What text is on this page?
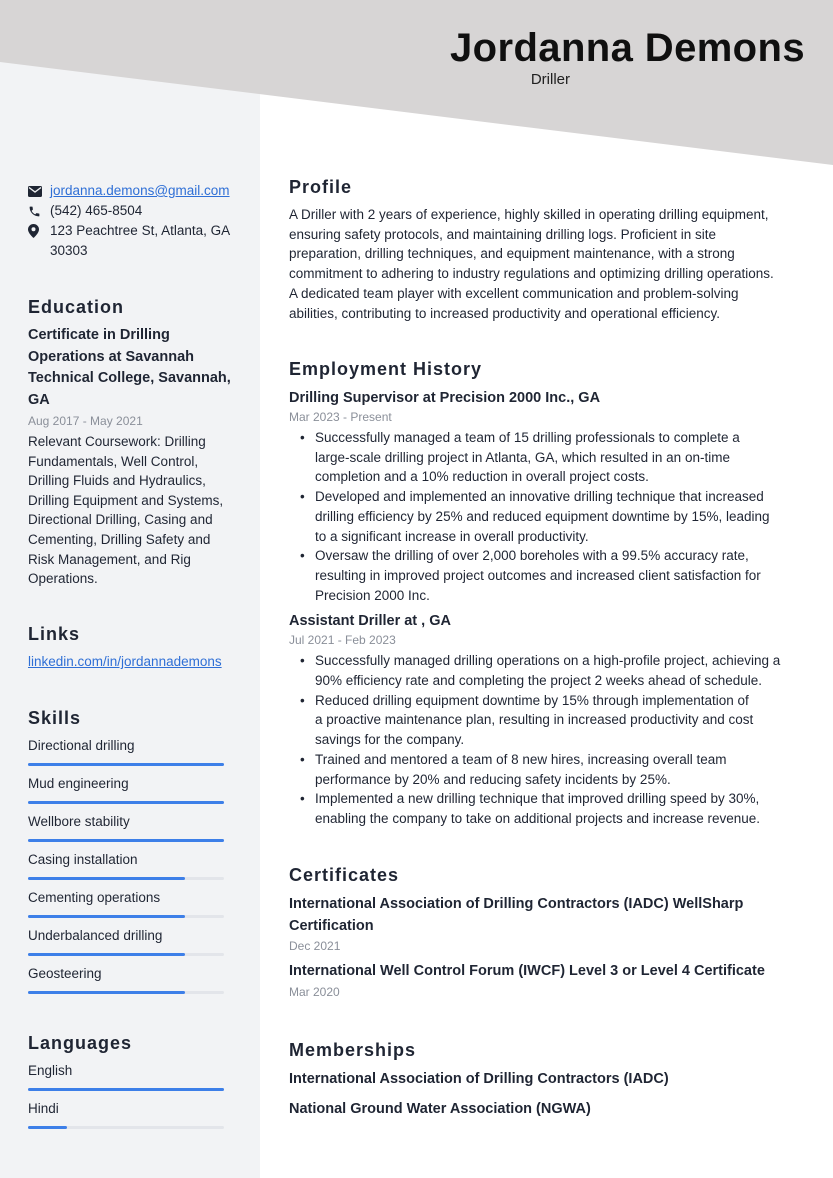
Jordanna Demons
Driller
jordanna.demons@gmail.com
(542) 465-8504
123 Peachtree St, Atlanta, GA
30303
Education
Certificate in Drilling
Operations at Savannah
Technical College, Savannah,
GA
Aug 2017 - May 2021
Relevant Coursework: Drilling
Fundamentals, Well Control,
Drilling Fluids and Hydraulics,
Drilling Equipment and Systems,
Directional Drilling, Casing and
Cementing, Drilling Safety and
Risk Management, and Rig
Operations.
Links
linkedin.com/in/jordannademons
Skills
Directional drilling
Mud engineering
Wellbore stability
Casing installation
Cementing operations
Underbalanced drilling
Geosteering
Languages
English
Hindi
Profile
A Driller with 2 years of experience, highly skilled in operating drilling equipment,
ensuring safety protocols, and maintaining drilling logs. Proficient in site
preparation, drilling techniques, and equipment maintenance, with a strong
commitment to adhering to industry regulations and optimizing drilling operations.
A dedicated team player with excellent communication and problem-solving
abilities, contributing to increased productivity and operational efficiency.
Employment History
Drilling Supervisor at Precision 2000 Inc., GA
Mar 2023 - Present
• Successfully managed a team of 15 drilling professionals to complete a
large-scale drilling project in Atlanta, GA, which resulted in an on-time
completion and a 10% reduction in overall project costs.
• Developed and implemented an innovative drilling technique that increased
drilling efficiency by 25% and reduced equipment downtime by 15%, leading
to a significant increase in overall productivity.
• Oversaw the drilling of over 2,000 boreholes with a 99.5% accuracy rate,
resulting in improved project outcomes and increased client satisfaction for
Precision 2000 Inc.
Assistant Driller at , GA
Jul 2021 - Feb 2023
• Successfully managed drilling operations on a high-profile project, achieving a
90% efficiency rate and completing the project 2 weeks ahead of schedule.
• Reduced drilling equipment downtime by 15% through implementation of
a proactive maintenance plan, resulting in increased productivity and cost
savings for the company.
• Trained and mentored a team of 8 new hires, increasing overall team
performance by 20% and reducing safety incidents by 25%.
• Implemented a new drilling technique that improved drilling speed by 30%,
enabling the company to take on additional projects and increase revenue.
Certificates
International Association of Drilling Contractors (IADC) WellSharp
Certification
Dec 2021
International Well Control Forum (IWCF) Level 3 or Level 4 Certificate
Mar 2020
Memberships
International Association of Drilling Contractors (IADC)
National Ground Water Association (NGWA)
